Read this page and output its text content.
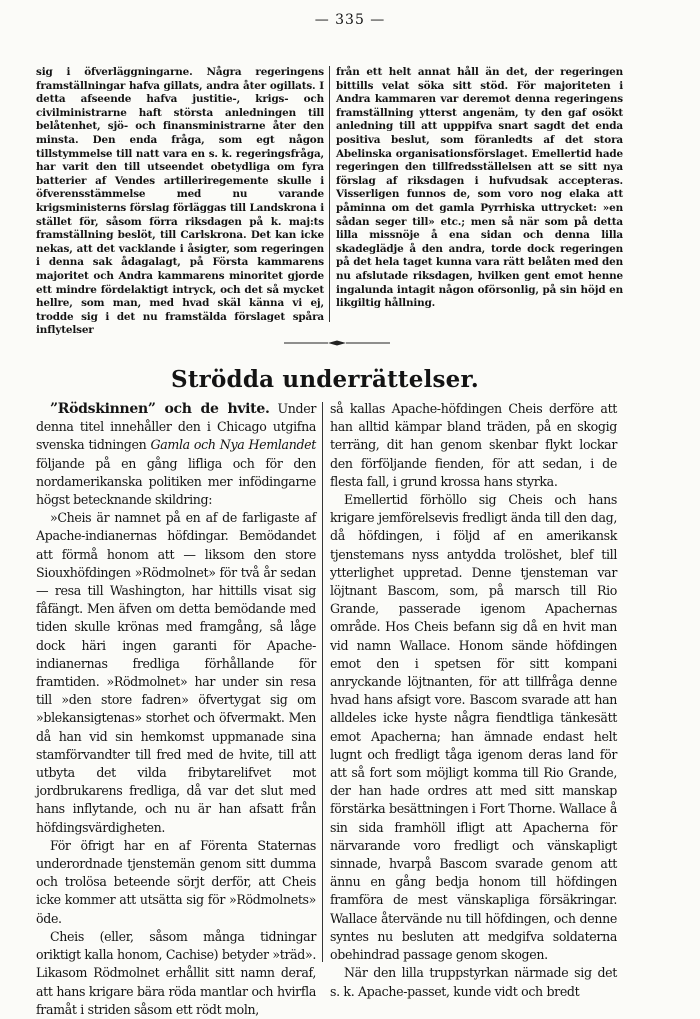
— 335 —

sig i öfverläggningarne. Några regeringens framställningar hafva gillats, andra åter ogillats. I detta afseende hafva justitie-, krigs- och civilministrarne haft största anledningen till belåtenhet, sjö- och finansministrarne åter den minsta. Den enda fråga, som egt någon tillstymmelse till natt vara en s. k. regeringsfråga, har varit den till utseendet obetydliga om fyra batterier af Vendes artilleriregemente skulle i öfverensstämmelse med nu varande krigsministerns förslag förläggas till Landskrona i stället för, såsom förra riksdagen på k. maj:ts framställning beslöt, till Carlskrona. Det kan icke nekas, att det vacklande i åsigter, som regeringen i denna sak ådagalagt, på Första kammarens majoritet och Andra kammarens minoritet gjorde ett mindre fördelaktigt intryck, och det så mycket hellre, som man, med hvad skäl känna vi ej, trodde sig i det nu framstälda förslaget spåra inflytelser

från ett helt annat håll än det, der regeringen bittills velat söka sitt stöd. För majoriteten i Andra kammaren var deremot denna regeringens framställning ytterst angenäm, ty den gaf osökt anledning till att uppрifva snart sagdt det enda positiva beslut, som föranledts af det stora Abelinska organisationsförslaget. Emellertid hade regeringen den tillfredsställelsen att se sitt nya förslag af riksdagen i hufvudsak accepteras. Visserligen funnos de, som voro nog elaka att påminna om det gamla Pyrrhiska uttrycket: »en sådan seger till» etc.; men så när som på detta lilla missnöje å ena sidan och denna lilla skadeglädje å den andra, torde dock regeringen på det hela taget kunna vara rätt belåten med den nu afslutade riksdagen, hvilken gent emot henne ingalunda intagit någon oförsonlig, på sin höjd en likgiltig hållning.

Strödda underrättelser.

”Rödskinnen” och de hvite. Under denna titel innehåller den i Chicago utgifna svenska tidningen Gamla och Nya Hemlandet följande på en gång lifliga och för den nordamerikanska politiken mer infödingarne högst betecknande skildring:

»Cheis är namnet på en af de farligaste af Apache-indianernas höfdingar. Bemödandet att förmå honom att — liksom den store Siouxhöfdingen »Rödmolnet» för två år sedan — resa till Washington, har hittills visat sig fåfängt. Men äfven om detta bemödande med tiden skulle krönas med framgång, så låge dock häri ingen garanti för Apache-indianernas fredliga förhållande för framtiden. »Rödmolnet» har under sin resa till »den store fadren» öfvertygat sig om »blekansigtenas» storhet och öfvermakt. Men då han vid sin hemkomst uppmanade sina stamförvandter till fred med de hvite, till att utbyta det vilda fribytarelifvet mot jordbrukarens fredliga, då var det slut med hans inflytande, och nu är han afsatt från höfdingsvärdigheten.

För öfrigt har en af Förenta Staternas underordnade tjenstemän genom sitt dumma och trolösa beteende sörjt derför, att Cheis icke kommer att utsätta sig för »Rödmolnets» öde.

Cheis (eller, såsom många tidningar oriktigt kalla honom, Cachise) betyder »träd». Likasom Rödmolnet erhållit sitt namn deraf, att hans krigare bära röda mantlar och hvirfla framåt i striden såsom ett rödt moln,

så kallas Apache-höfdingen Cheis derföre att han alltid kämpar bland träden, på en skogig terräng, dit han genom skenbar flykt lockar den förföljande fienden, för att sedan, i de flesta fall, i grund krossa hans styrka.

Emellertid förhöllo sig Cheis och hans krigare jemförelsevis fredligt ända till den dag, då höfdingen, i följd af en amerikansk tjenstemans nyss antydda trolöshet, blef till ytterlighet uppretad. Denne tjensteman var löjtnant Bascom, som, på marsch till Rio Grande, passerade igenom Apachernas område. Hos Cheis befann sig då en hvit man vid namn Wallace. Honom sände höfdingen emot den i spetsen för sitt kompani anryckande löjtnanten, för att tillfråga denne hvad hans afsigt vore. Bascom svarade att han alldeles icke hyste några fiendtliga tänkesätt emot Apacherna; han ämnade endast helt lugnt och fredligt tåga igenom deras land för att så fort som möjligt komma till Rio Grande, der han hade ordres att med sitt manskap förstärka besättningen i Fort Thorne. Wallace å sin sida framhöll ifligt att Apacherna för närvarande voro fredligt och vänskapligt sinnade, hvarpå Bascom svarade genom att ännu en gång bedja honom till höfdingen framföra de mest vänskapliga försäkringar. Wallace återvände nu till höfdingen, och denne syntes nu besluten att medgifva soldaterna obehindrad passage genom skogen.

När den lilla truppstyrkan närmade sig det s. k. Apache-passet, kunde vidt och bredt
